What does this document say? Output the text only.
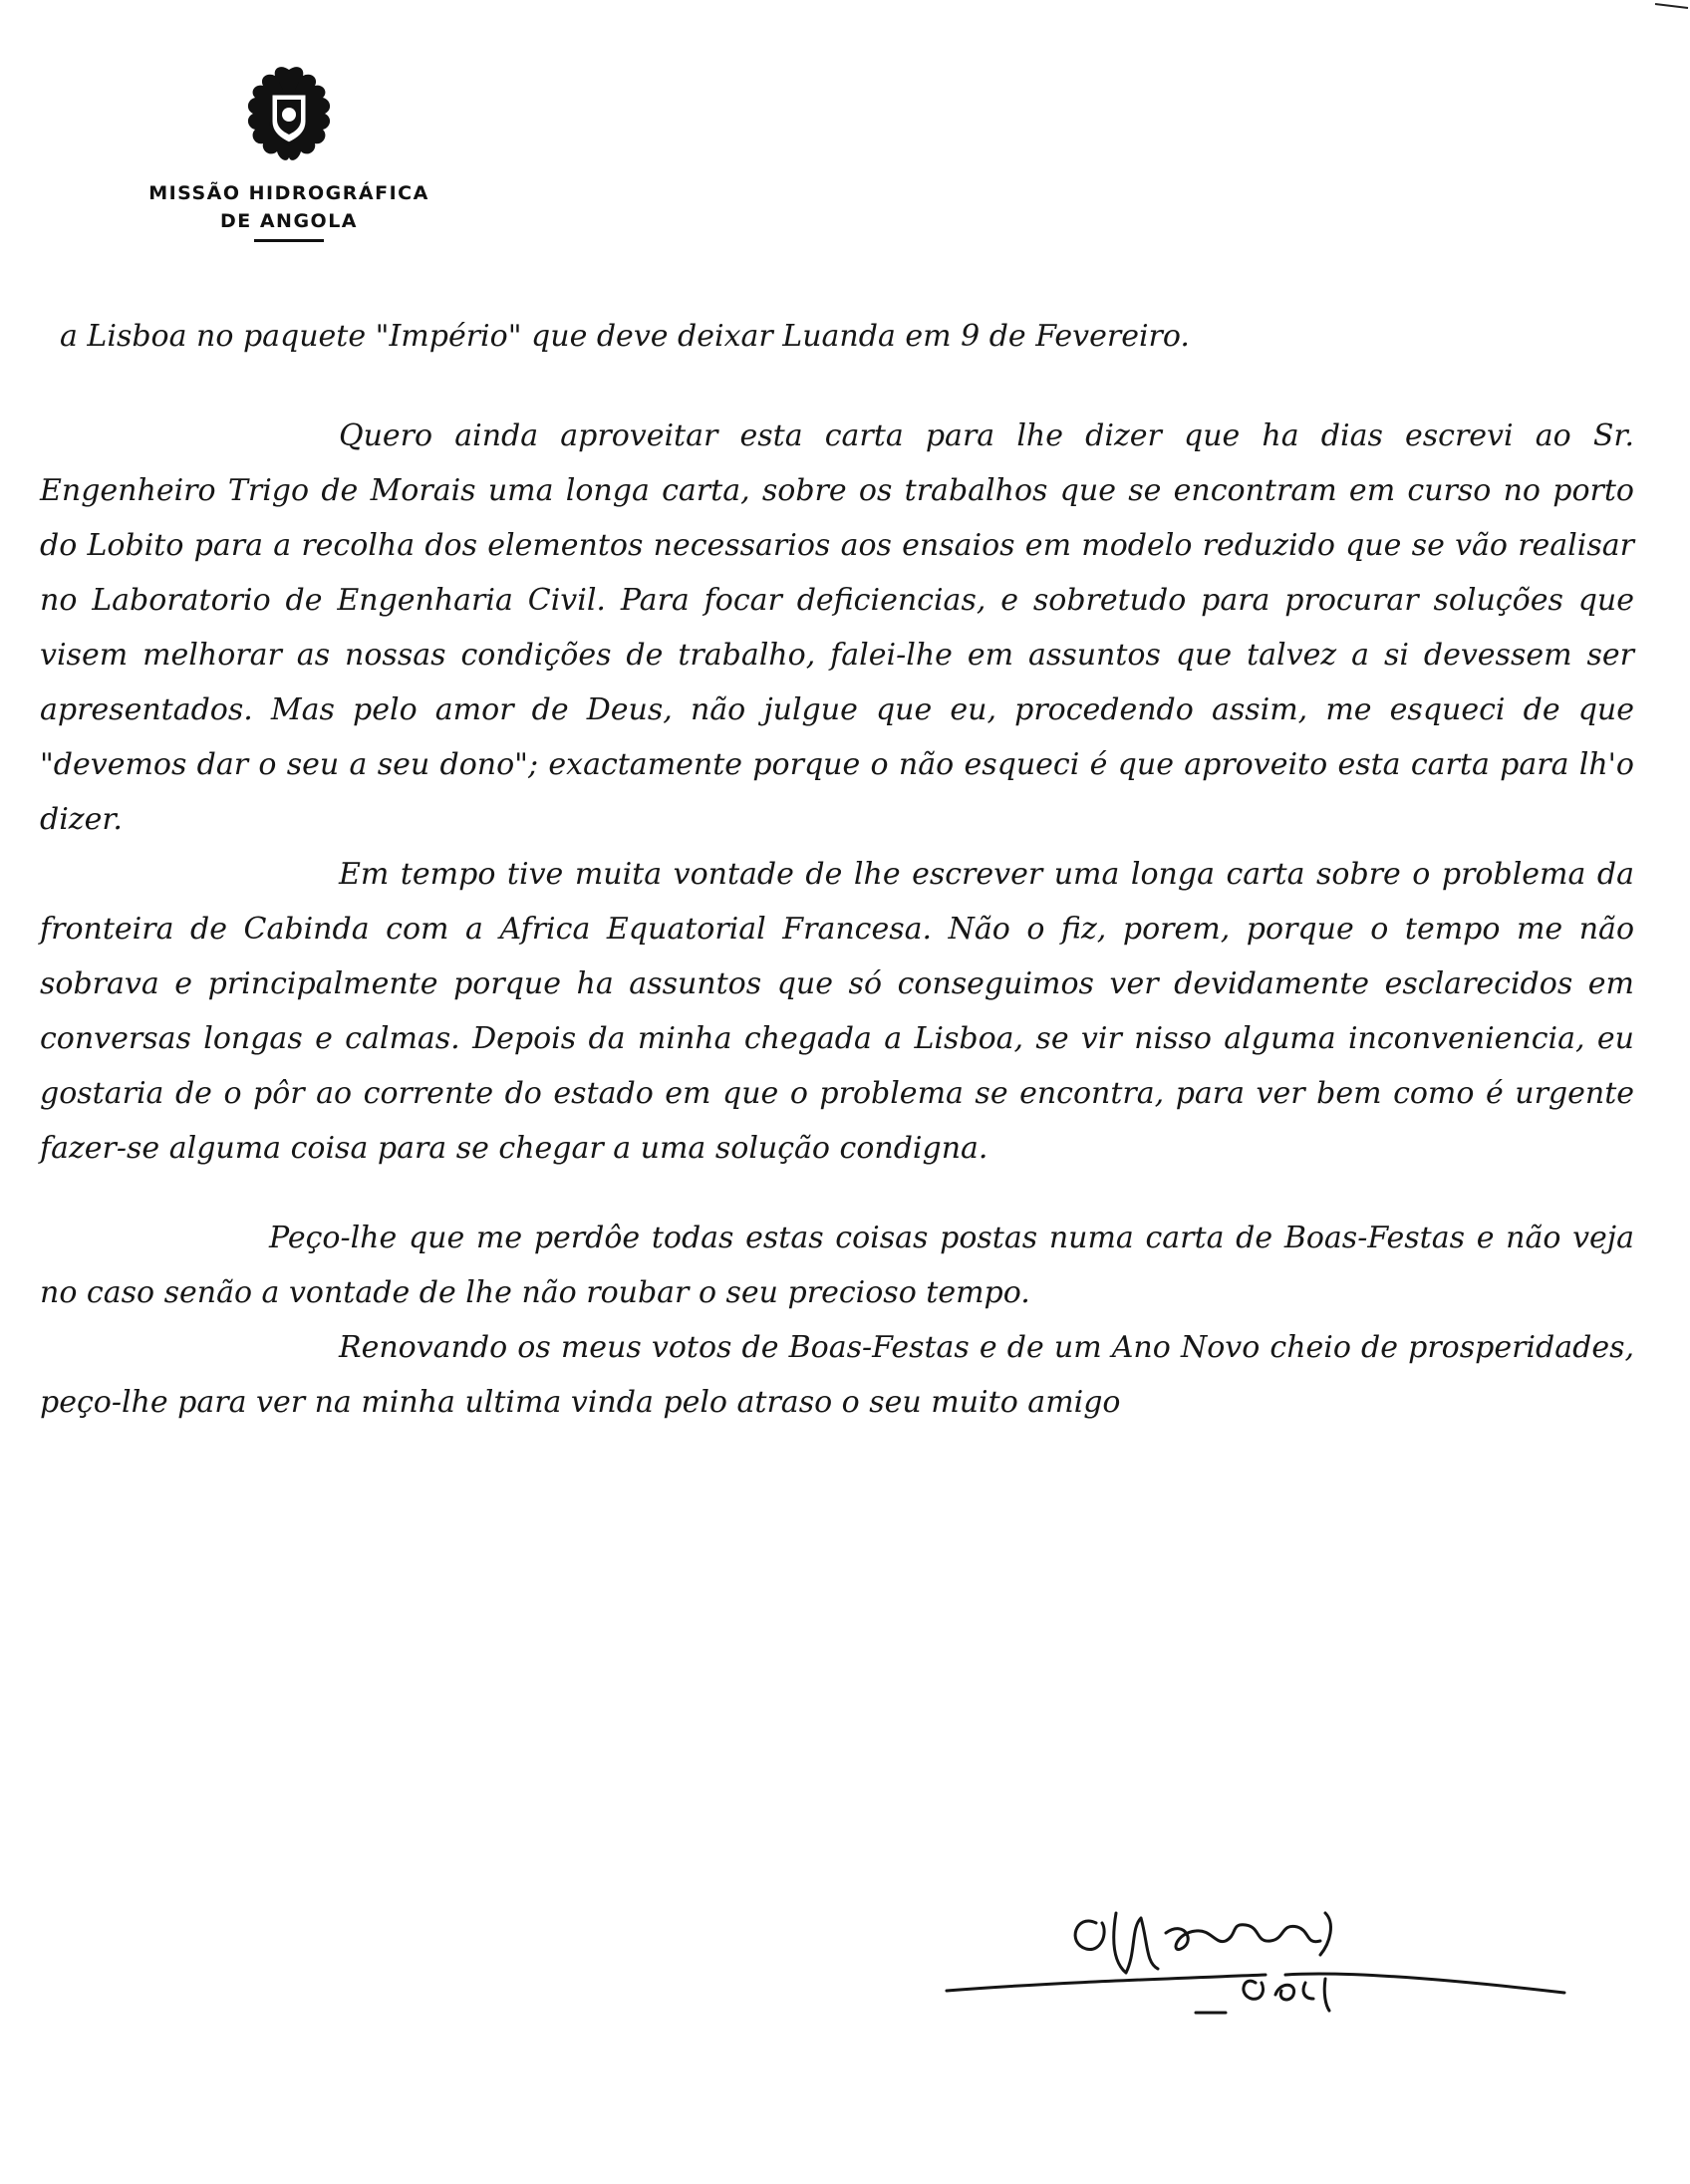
MISSÃO HIDROGRÁFICA
DE ANGOLA

a Lisboa no paquete "Império" que deve deixar Luanda em 9 de Fevereiro.

Quero ainda aproveitar esta carta para lhe dizer que ha dias escrevi ao Sr. Engenheiro Trigo de Morais uma longa carta, sobre os trabalhos que se encontram em curso no porto do Lobito para a recolha dos elementos necessarios aos ensaios em modelo reduzido que se vão realisar no Laboratorio de Engenharia Civil. Para focar deficiencias, e sobretudo para procurar soluções que visem melhorar as nossas condições de trabalho, falei-lhe em assuntos que talvez a si devessem ser apresentados. Mas pelo amor de Deus, não julgue que eu, procedendo assim, me esqueci de que "devemos dar o seu a seu dono"; exactamente porque o não esqueci é que aproveito esta carta para lh'o dizer.

Em tempo tive muita vontade de lhe escrever uma longa carta sobre o problema da fronteira de Cabinda com a Africa Equatorial Francesa. Não o fiz, porem, porque o tempo me não sobrava e principalmente porque ha assuntos que só conseguimos ver devidamente esclarecidos em conversas longas e calmas. Depois da minha chegada a Lisboa, se vir nisso alguma inconveniencia, eu gostaria de o pôr ao corrente do estado em que o problema se encontra, para ver bem como é urgente fazer-se alguma coisa para se chegar a uma solução condigna.

Peço-lhe que me perdôe todas estas coisas postas numa carta de Boas-Festas e não veja no caso senão a vontade de lhe não roubar o seu precioso tempo.

Renovando os meus votos de Boas-Festas e de um Ano Novo cheio de prosperidades, peço-lhe para ver na minha ultima vinda pelo atraso o seu muito amigo
